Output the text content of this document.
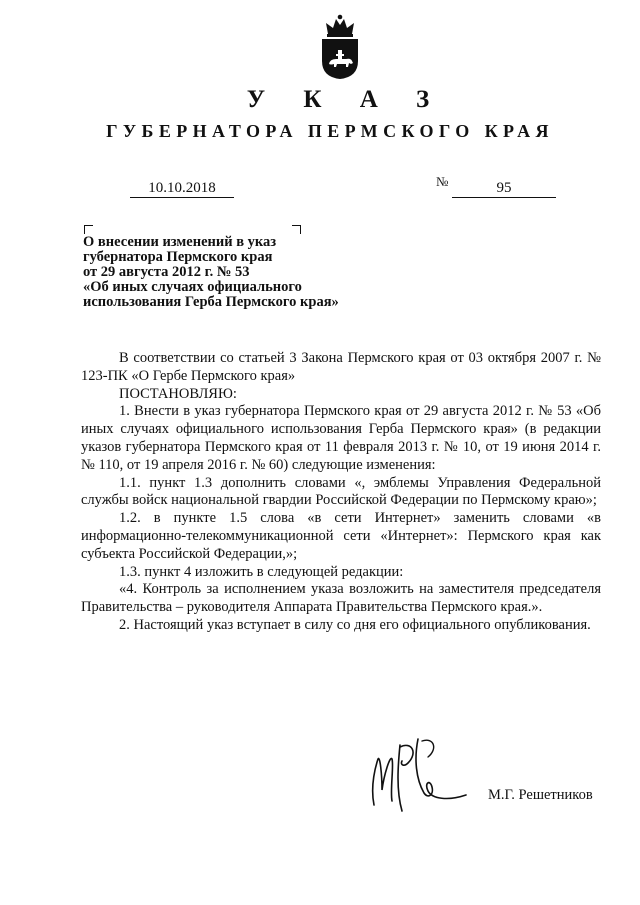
У К А З
ГУБЕРНАТОРА ПЕРМСКОГО КРАЯ
10.10.2018	№	95
О внесении изменений в указ
губернатора Пермского края
от 29 августа 2012 г. № 53
«Об иных случаях официального
использования Герба Пермского края»

В соответствии со статьей 3 Закона Пермского края от 03 октября 2007 г. № 123-ПК «О Гербе Пермского края»

ПОСТАНОВЛЯЮ:

1. Внести в указ губернатора Пермского края от 29 августа 2012 г. № 53 «Об иных случаях официального использования Герба Пермского края» (в редакции указов губернатора Пермского края от 11 февраля 2013 г. № 10, от 19 июня 2014 г. № 110, от 19 апреля 2016 г. № 60) следующие изменения:

1.1. пункт 1.3 дополнить словами «, эмблемы Управления Федеральной службы войск национальной гвардии Российской Федерации по Пермскому краю»;

1.2. в пункте 1.5 слова «в сети Интернет» заменить словами «в информационно-телекоммуникационной сети «Интернет»: Пермского края как субъекта Российской Федерации,»;

1.3. пункт 4 изложить в следующей редакции:

«4. Контроль за исполнением указа возложить на заместителя председателя Правительства – руководителя Аппарата Правительства Пермского края.».

2. Настоящий указ вступает в силу со дня его официального опубликования.

М.Г. Решетников
